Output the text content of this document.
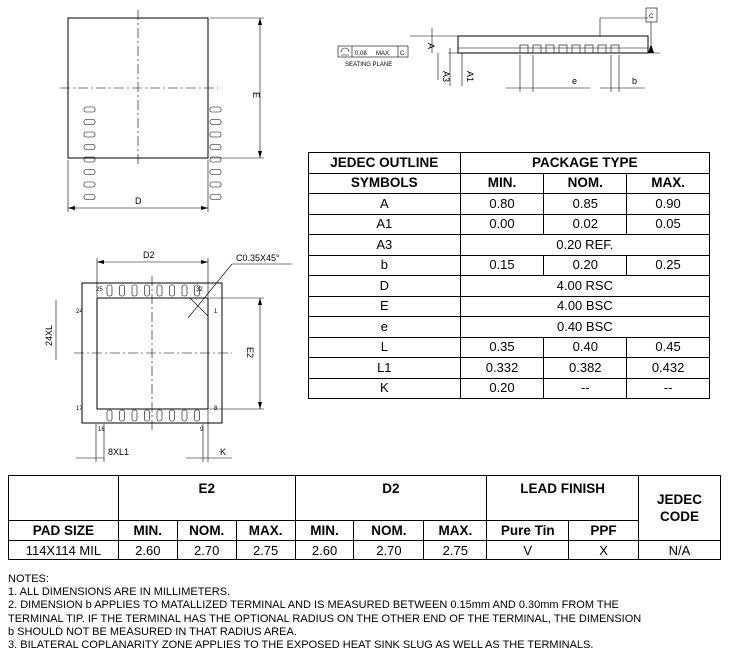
D
E
0.08 MAX C
SEATING PLANE
C
A
A3 A1	e	b
25	32
24
17
1
8
16	9
D2	C0.35X45°
E2
24XL
8XL1	K
JEDEC OUTLINE	PACKAGE TYPE		
SYMBOLS	MIN.	NOM.	MAX.
A	0.80	0.85	0.90
A1	0.00	0.02	0.05
A3	0.20 REF.		
b	0.15	0.20	0.25
D	4.00 RSC		
E	4.00 BSC		
e	0.40 BSC		
L	0.35	0.40	0.45
L1	0.332	0.382	0.432
K	0.20	--	--
	E2			D2			LEAD FINISH		JEDEC CODE
PAD SIZE	MIN.	NOM.	MAX.	MIN.	NOM.	MAX.	Pure Tin	PPF	
114X114 MIL	2.60	2.70	2.75	2.60	2.70	2.75	V	X	N/A
NOTES:
1. ALL DIMENSIONS ARE IN MILLIMETERS.
2. DIMENSION b APPLIES TO MATALLIZED TERMINAL AND IS MEASURED BETWEEN 0.15mm AND 0.30mm FROM THE
TERMINAL TIP. IF THE TERMINAL HAS THE OPTIONAL RADIUS ON THE OTHER END OF THE TERMINAL, THE DIMENSION
b SHOULD NOT BE MEASURED IN THAT RADIUS AREA.
3. BILATERAL COPLANARITY ZONE APPLIES TO THE EXPOSED HEAT SINK SLUG AS WELL AS THE TERMINALS.
